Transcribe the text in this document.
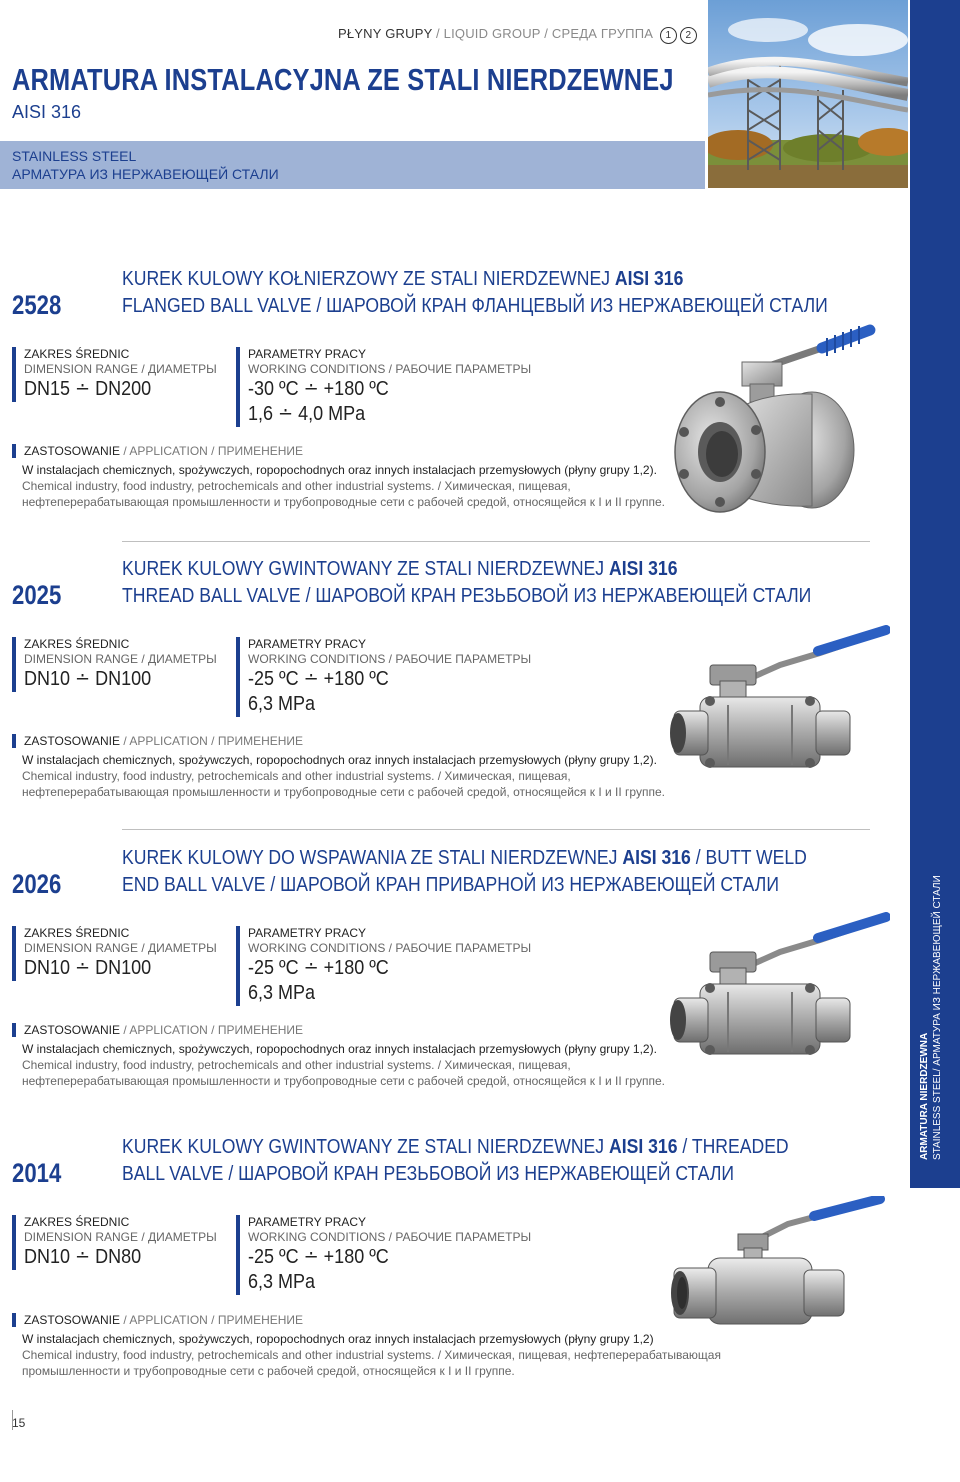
PŁYNY GRUPY / LIQUID GROUP / СРЕДА ГРУППА 1 2
ARMATURA INSTALACYJNA ZE STALI NIERDZEWNEJ
AISI 316
STAINLESS STEEL
АРМАТУРА ИЗ НЕРЖАВЕЮЩЕЙ СТАЛИ
ARMATURA NIERDZEWNA STAINLESS STEEL/ АРМАТУРА ИЗ НЕРЖАВЕЮЩЕЙ СТАЛИ
2528
KUREK KULOWY KOŁNIERZOWY ZE STALI NIERDZEWNEJ AISI 316
FLANGED BALL VALVE / ШАРОВОЙ КРАН ФЛАНЦЕВЫЙ ИЗ НЕРЖАВЕЮЩЕЙ СТАЛИ
ZAKRES ŚREDNIC
DIMENSION RANGE / ДИАМЕТРЫ
DN15 ∸ DN200
PARAMETRY PRACY
WORKING CONDITIONS / РАБОЧИЕ ПАРАМЕТРЫ
-30 ºC ∸ +180 ºC
1,6 ∸ 4,0 MPa
ZASTOSOWANIE / APPLICATION / ПРИМЕНЕНИЕ
W instalacjach chemicznych, spożywczych, ropopochodnych oraz innych instalacjach przemysłowych (płyny grupy 1,2).
Chemical industry, food industry, petrochemicals and other industrial systems. / Химическая, пищевая,
нефтеперерабатывающая промышленности и трубопроводные сети с рабочей средой, относящейся к I и II группе.
2025
KUREK KULOWY GWINTOWANY ZE STALI NIERDZEWNEJ AISI 316
THREAD BALL VALVE / ШАРОВОЙ КРАН РЕЗЬБОВОЙ ИЗ НЕРЖАВЕЮЩЕЙ СТАЛИ
ZAKRES ŚREDNIC
DIMENSION RANGE / ДИАМЕТРЫ
DN10 ∸ DN100
PARAMETRY PRACY
WORKING CONDITIONS / РАБОЧИЕ ПАРАМЕТРЫ
-25 ºC ∸ +180 ºC
6,3 MPa
ZASTOSOWANIE / APPLICATION / ПРИМЕНЕНИЕ
W instalacjach chemicznych, spożywczych, ropopochodnych oraz innych instalacjach przemysłowych (płyny grupy 1,2).
Chemical industry, food industry, petrochemicals and other industrial systems. / Химическая, пищевая,
нефтеперерабатывающая промышленности и трубопроводные сети с рабочей средой, относящейся к I и II группе.
2026
KUREK KULOWY DO WSPAWANIA ZE STALI NIERDZEWNEJ AISI 316 / BUTT WELD
END BALL VALVE / ШАРОВОЙ КРАН ПРИВАРНОЙ ИЗ НЕРЖАВЕЮЩЕЙ СТАЛИ
ZAKRES ŚREDNIC
DIMENSION RANGE / ДИАМЕТРЫ
DN10 ∸ DN100
PARAMETRY PRACY
WORKING CONDITIONS / РАБОЧИЕ ПАРАМЕТРЫ
-25 ºC ∸ +180 ºC
6,3 MPa
ZASTOSOWANIE / APPLICATION / ПРИМЕНЕНИЕ
W instalacjach chemicznych, spożywczych, ropopochodnych oraz innych instalacjach przemysłowych (płyny grupy 1,2).
Chemical industry, food industry, petrochemicals and other industrial systems. / Химическая, пищевая,
нефтеперерабатывающая промышленности и трубопроводные сети с рабочей средой, относящейся к I и II группе.
2014
KUREK KULOWY GWINTOWANY ZE STALI NIERDZEWNEJ AISI 316 / THREADED
BALL VALVE / ШАРОВОЙ КРАН РЕЗЬБОВОЙ ИЗ НЕРЖАВЕЮЩЕЙ СТАЛИ
ZAKRES ŚREDNIC
DIMENSION RANGE / ДИАМЕТРЫ
DN10 ∸ DN80
PARAMETRY PRACY
WORKING CONDITIONS / РАБОЧИЕ ПАРАМЕТРЫ
-25 ºC ∸ +180 ºC
6,3 MPa
ZASTOSOWANIE / APPLICATION / ПРИМЕНЕНИЕ
W instalacjach chemicznych, spożywczych, ropopochodnych oraz innych instalacjach przemysłowych (płyny grupy 1,2)
Chemical industry, food industry, petrochemicals and other industrial systems. / Химическая, пищевая, нефтеперерабатывающая
промышленности и трубопроводные сети с рабочей средой, относящейся к I и II группе.
15
